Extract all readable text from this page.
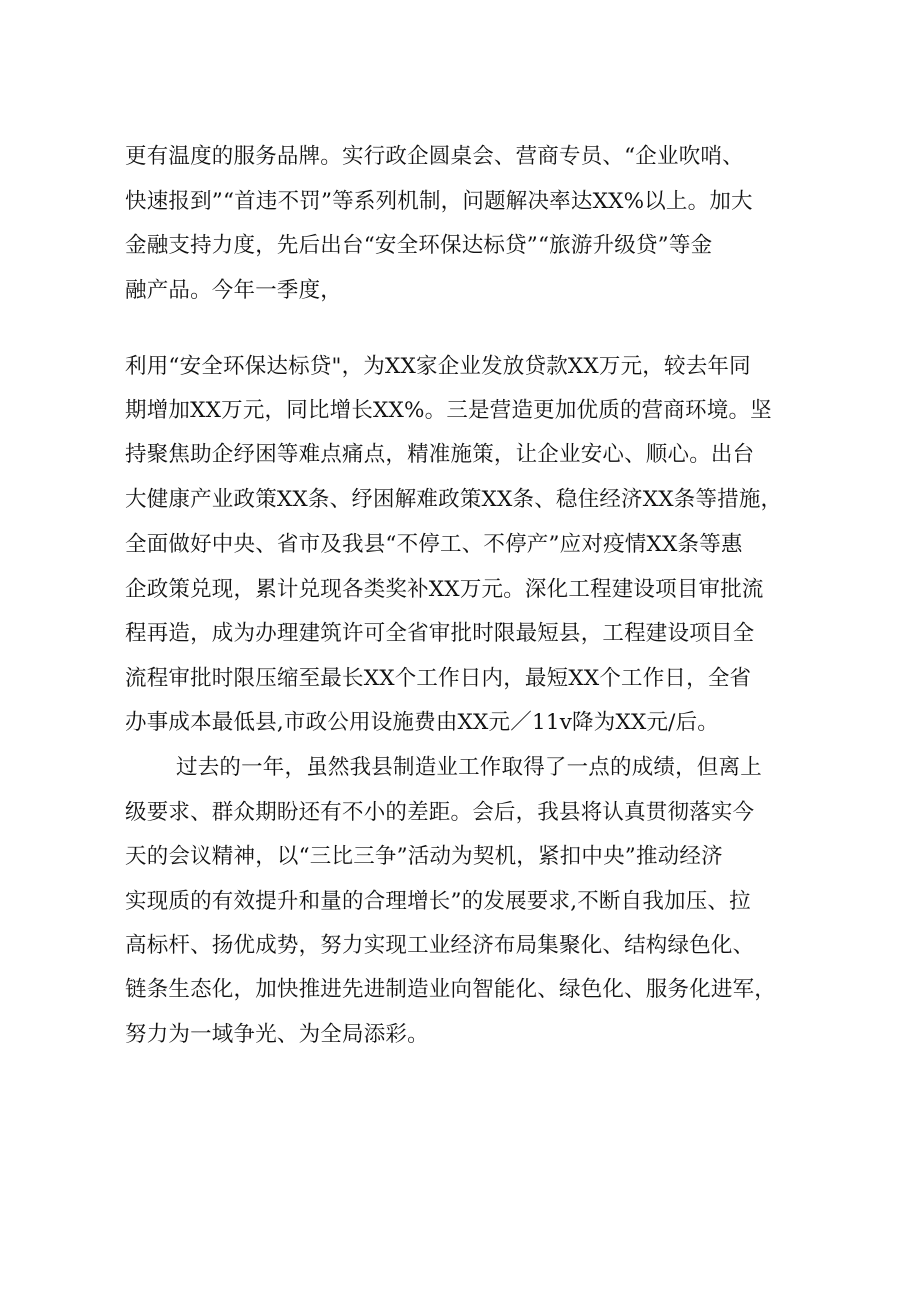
更有温度的服务品牌。实行政企圆桌会、营商专员、“企业吹哨、
快速报到”“首违不罚”等系列机制，问题解决率达XX%以上。加大
金融支持力度，先后出台“安全环保达标贷”“旅游升级贷”等金
融产品。今年一季度，
利用“安全环保达标贷"，为XX家企业发放贷款XX万元，较去年同
期增加XX万元，同比增长XX%。三是营造更加优质的营商环境。坚
持聚焦助企纾困等难点痛点，精准施策，让企业安心、顺心。出台
大健康产业政策XX条、纾困解难政策XX条、稳住经济XX条等措施，
全面做好中央、省市及我县“不停工、不停产”应对疫情XX条等惠
企政策兑现，累计兑现各类奖补XX万元。深化工程建设项目审批流
程再造，成为办理建筑许可全省审批时限最短县，工程建设项目全
流程审批时限压缩至最长XX个工作日内，最短XX个工作日，全省
办事成本最低县,市政公用设施费由XX元／11v降为XX元/后。
过去的一年，虽然我县制造业工作取得了一点的成绩，但离上
级要求、群众期盼还有不小的差距。会后，我县将认真贯彻落实今
天的会议精神，以“三比三争”活动为契机，紧扣中央”推动经济
实现质的有效提升和量的合理增长”的发展要求,不断自我加压、拉
高标杆、扬优成势，努力实现工业经济布局集聚化、结构绿色化、
链条生态化，加快推进先进制造业向智能化、绿色化、服务化进军，
努力为一域争光、为全局添彩。
